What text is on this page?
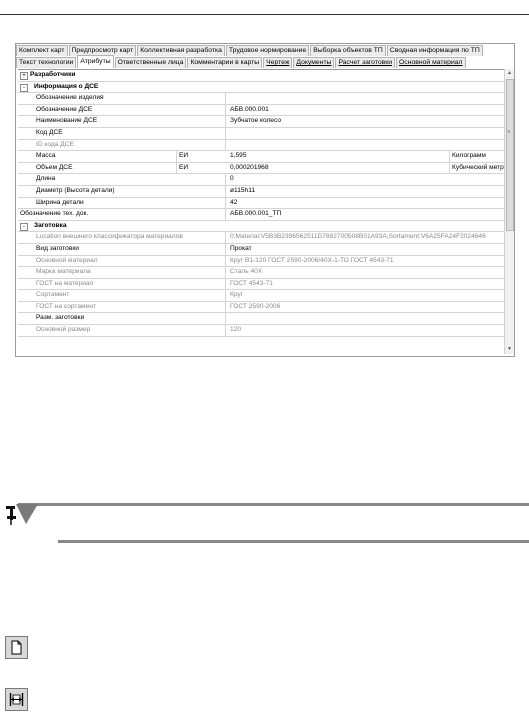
Комплект карт	Предпросмотр карт	Коллективная разработка	Трудовое нормирование	Выборка объектов ТП	Сводная информация по ТП
Текст технологии	Атрибуты	Ответственные лица	Комментарии в карты	Чертеж	Документы	Расчет заготовки	Основной материал
+ Разработчики
-	Информация о ДСЕ
Обозначение изделия
Обозначение ДСЕ	АБВ.000.001
Наименование ДСЕ	Зубчатое колесо
Код ДСЕ
ID кода ДСЕ
Масса	ЕИ	1,595	Килограмм
Объем ДСЕ	ЕИ	0,000201968	Кубический метр
Длина	0
Диаметр (Высота детали)	ø115h11
Ширина детали	42
Обозначение тех. док.	АБВ.000.001_ТП
-	Заготовка
Location внешнего классификатора материалов	0;Material:V5B3B2396562511D7882700508B01A93A;Sortament:V6A25FA24F2024646
Вид заготовки	Прокат
Основной материал	Круг В1-120 ГОСТ 2590-2006/40Х-1-ТО ГОСТ 4543-71
Марка материала	Сталь 40Х
ГОСТ на материал	ГОСТ 4543-71
Сортамент	Круг
ГОСТ на сортамент	ГОСТ 2590-2006
Разм. заготовки
Основной размер	120
▲
≡
▼
